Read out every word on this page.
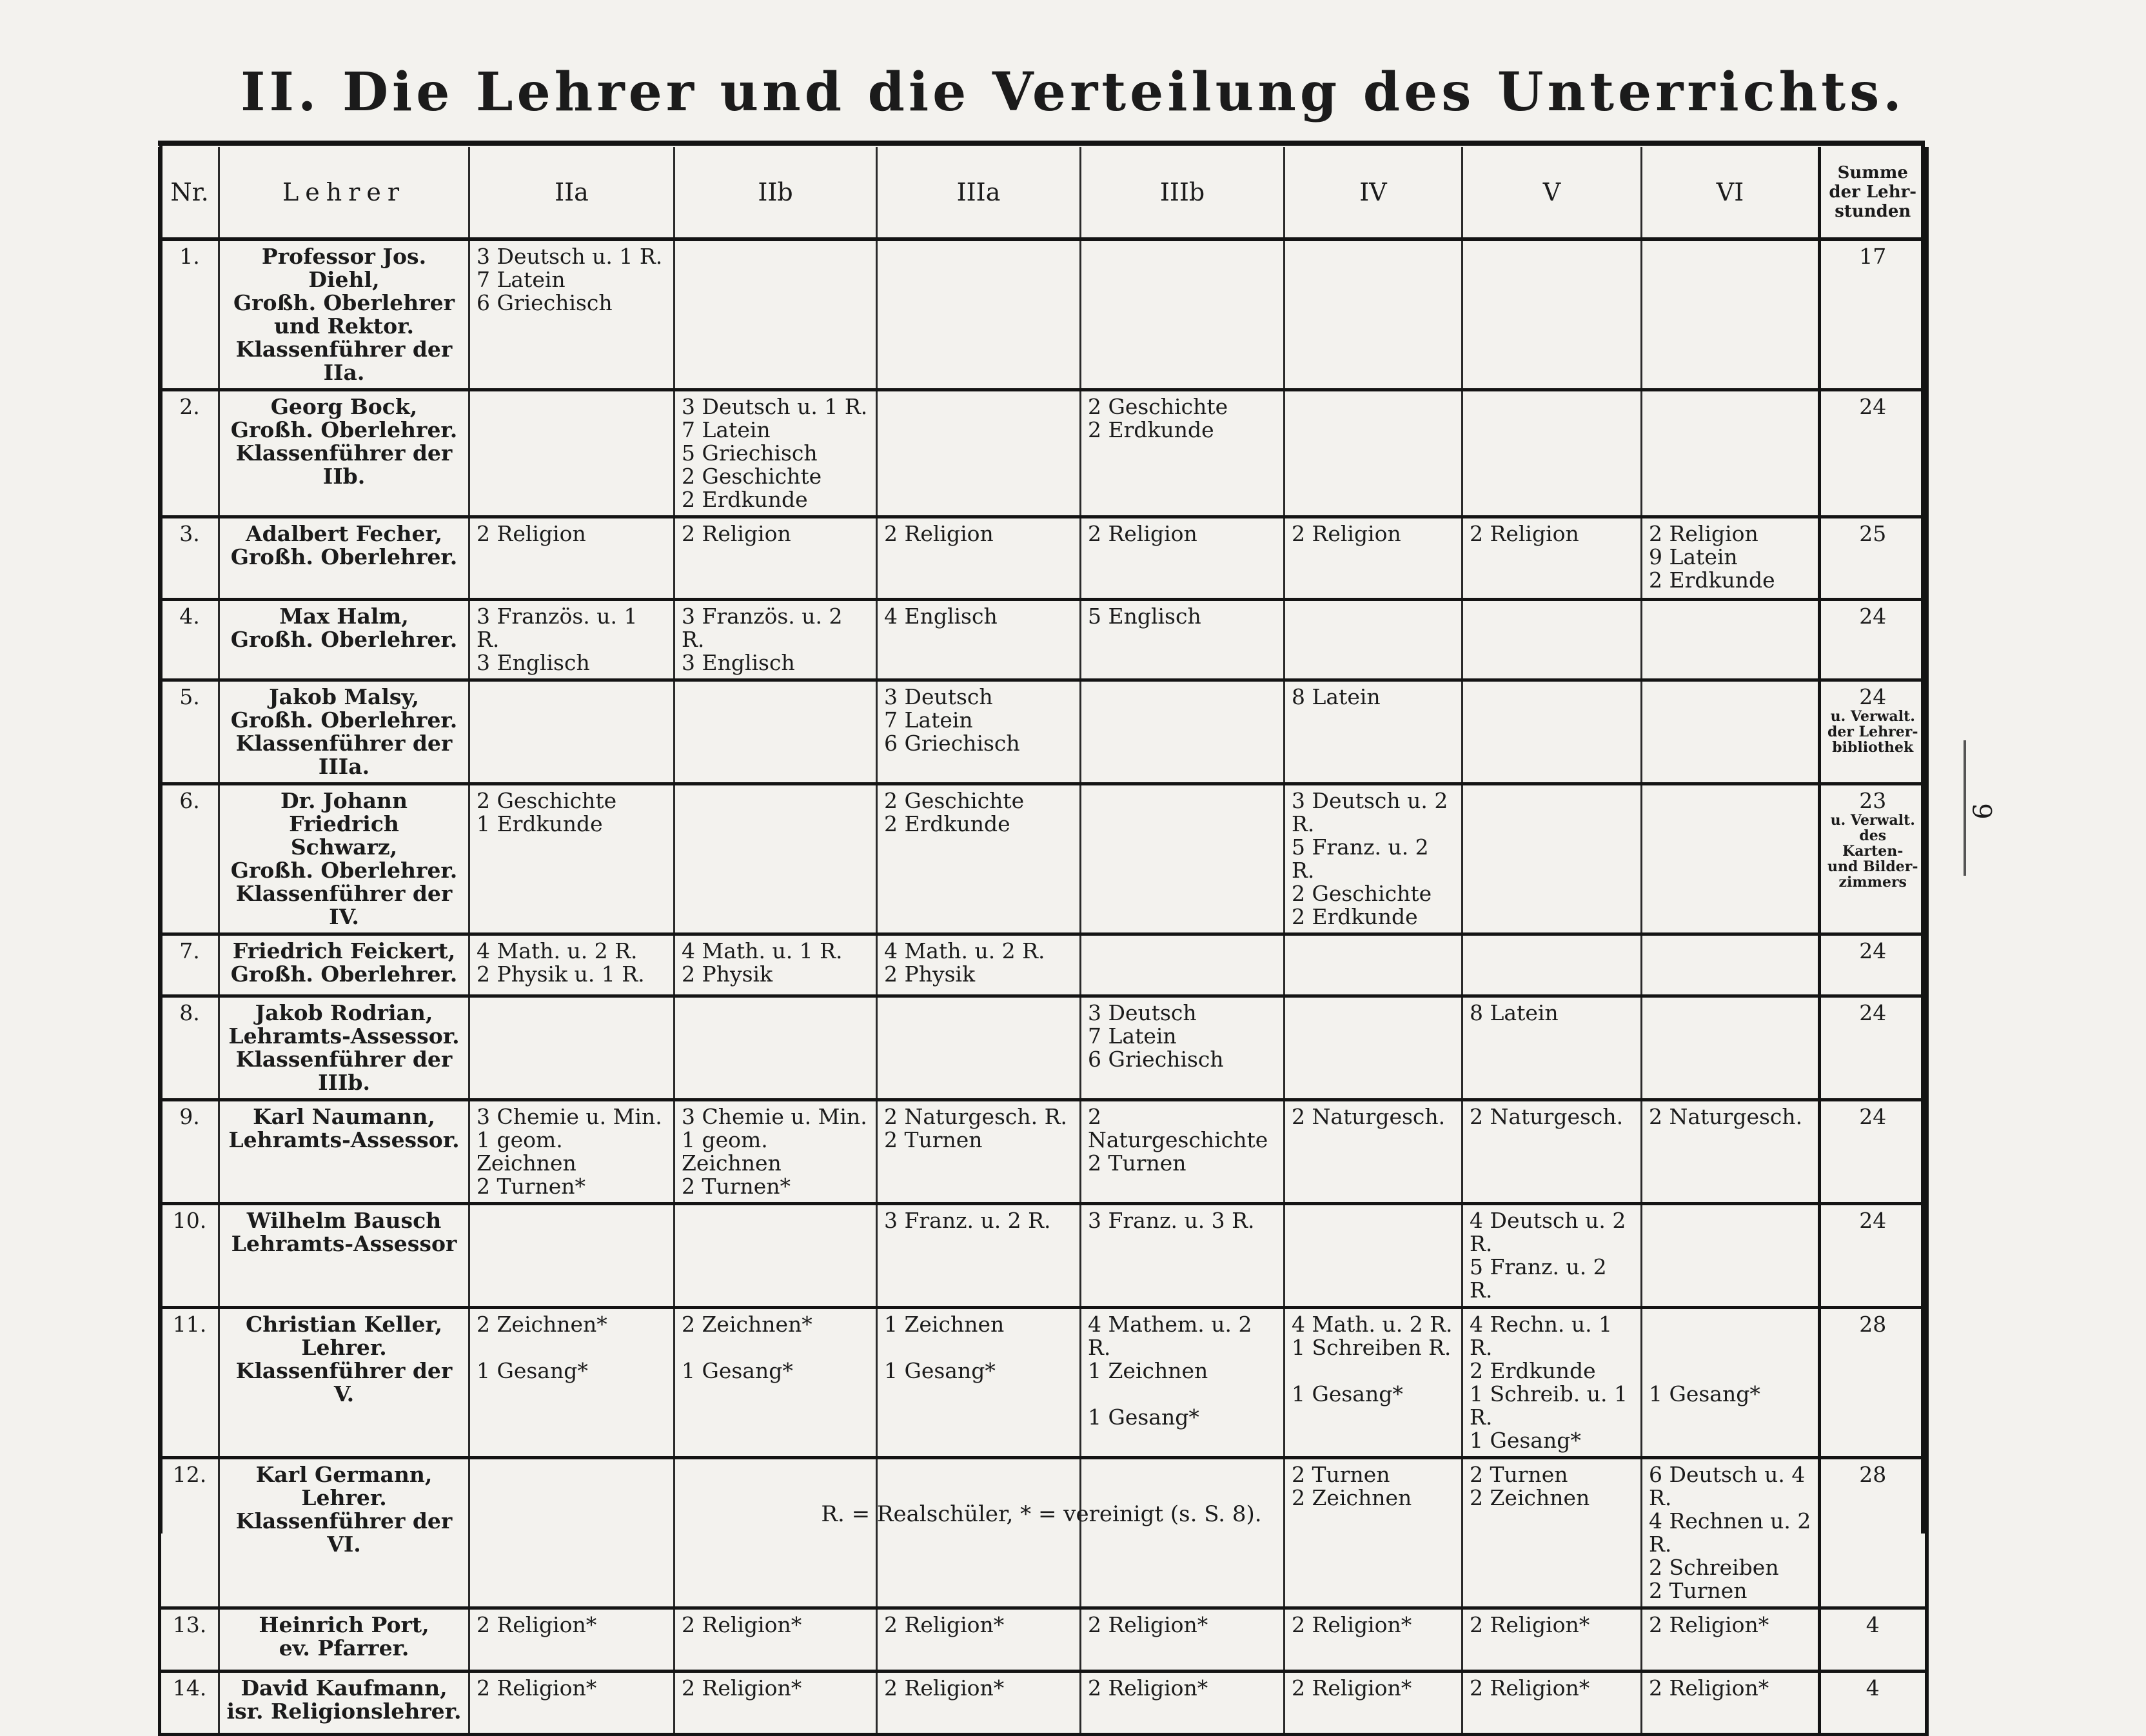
II. Die Lehrer und die Verteilung des Unterrichts.
Nr.	Lehrer	IIa	IIb	IIIa	IIIb	IV	V	VI	Summe der Lehr-stunden
1.	Professor Jos. Diehl,
Großh. Oberlehrer
und Rektor.
Klassenführer der IIa.	3 Deutsch u. 1 R.
7 Latein
6 Griechisch							17
2.	Georg Bock,
Großh. Oberlehrer.
Klassenführer der IIb.		3 Deutsch u. 1 R.
7 Latein
5 Griechisch
2 Geschichte
2 Erdkunde		2 Geschichte
2 Erdkunde				24
3.	Adalbert Fecher,
Großh. Oberlehrer.	2 Religion	2 Religion	2 Religion	2 Religion	2 Religion	2 Religion	2 Religion
9 Latein
2 Erdkunde	25
4.	Max Halm,
Großh. Oberlehrer.	3 Französ. u. 1 R.
3 Englisch	3 Französ. u. 2 R.
3 Englisch	4 Englisch	5 Englisch				24
5.	Jakob Malsy,
Großh. Oberlehrer.
Klassenführer der IIIa.			3 Deutsch
7 Latein
6 Griechisch		8 Latein			24
u. Verwalt.
der Lehrer-
bibliothek

6.	Dr. Johann Friedrich
Schwarz,
Großh. Oberlehrer.
Klassenführer der IV.	2 Geschichte
1 Erdkunde		2 Geschichte
2 Erdkunde		3 Deutsch u. 2 R.
5 Franz. u. 2 R.
2 Geschichte
2 Erdkunde			23
u. Verwalt.
des Karten-
und Bilder-
zimmers

7.	Friedrich Feickert,
Großh. Oberlehrer.	4 Math. u. 2 R.
2 Physik u. 1 R.	4 Math. u. 1 R.
2 Physik	4 Math. u. 2 R.
2 Physik					24
8.	Jakob Rodrian,
Lehramts-Assessor.
Klassenführer der IIIb.				3 Deutsch
7 Latein
6 Griechisch		8 Latein		24
9.	Karl Naumann,
Lehramts-Assessor.	3 Chemie u. Min.
1 geom. Zeichnen
2 Turnen*	3 Chemie u. Min.
1 geom. Zeichnen
2 Turnen*	2 Naturgesch. R.
2 Turnen	2 Naturgeschichte
2 Turnen	2 Naturgesch.	2 Naturgesch.	2 Naturgesch.	24
10.	Wilhelm Bausch
Lehramts-Assessor			3 Franz. u. 2 R.	3 Franz. u. 3 R.		4 Deutsch u. 2 R.
5 Franz. u. 2 R.		24
11.	Christian Keller,
Lehrer.
Klassenführer der V.	2 Zeichnen*

1 Gesang*	2 Zeichnen*

1 Gesang*	1 Zeichnen

1 Gesang*	4 Mathem. u. 2 R.
1 Zeichnen

1 Gesang*	4 Math. u. 2 R.
1 Schreiben R.

1 Gesang*	4 Rechn. u. 1 R.
2 Erdkunde
1 Schreib. u. 1 R.
1 Gesang*	

1 Gesang*	28
12.	Karl Germann,
Lehrer.
Klassenführer der VI.					2 Turnen
2 Zeichnen	2 Turnen
2 Zeichnen	6 Deutsch u. 4 R.
4 Rechnen u. 2 R.
2 Schreiben
2 Turnen	28
13.	Heinrich Port,
ev. Pfarrer.	2 Religion*	2 Religion*	2 Religion*	2 Religion*	2 Religion*	2 Religion*	2 Religion*	4
14.	David Kaufmann,
isr. Religionslehrer.	2 Religion*	2 Religion*	2 Religion*	2 Religion*	2 Religion*	2 Religion*	2 Religion*	4
R. = Realschüler, * = vereinigt (s. S. 8).
9
